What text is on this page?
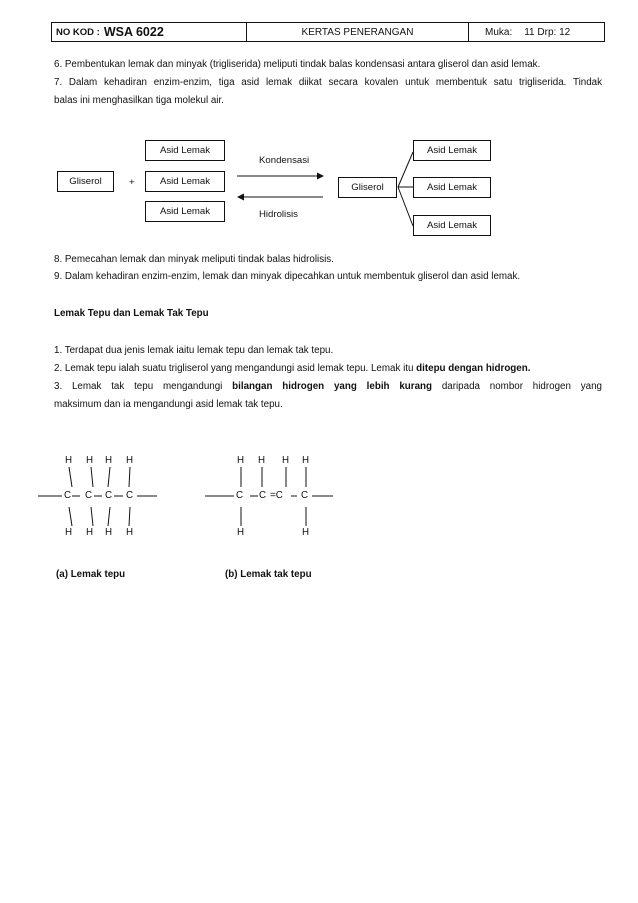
NO KOD : WSA 6022	KERTAS PENERANGAN	Muka: 11 Drp: 12

6. Pembentukan lemak dan minyak (trigliserida) meliputi tindak balas kondensasi antara gliserol dan asid lemak.

7. Dalam kehadiran enzim-enzim, tiga asid lemak diikat secara kovalen untuk membentuk satu trigliserida. Tindak

balas ini menghasilkan tiga molekul air.

Gliserol	+
Asid Lemak
Asid Lemak
Asid Lemak
Kondensasi
Hidrolisis
Gliserol
Asid Lemak
Asid Lemak
Asid Lemak

8. Pemecahan lemak dan minyak meliputi tindak balas hidrolisis.

9. Dalam kehadiran enzim-enzim, lemak dan minyak dipecahkan untuk membentuk gliserol dan asid lemak.

Lemak Tepu dan Lemak Tak Tepu

1. Terdapat dua jenis lemak iaitu lemak tepu dan lemak tak tepu.

2. Lemak tepu ialah suatu trigliserol yang mengandungi asid lemak tepu. Lemak itu ditepu dengan hidrogen.

3. Lemak tak tepu mengandungi bilangan hidrogen yang lebih kurang daripada nombor hidrogen yang

maksimum dan ia mengandungi asid lemak tak tepu.

H H H H
C C C C
H H H H
H H H H
C C =C C
H	H

(a) Lemak tepu	(b) Lemak tak tepu
